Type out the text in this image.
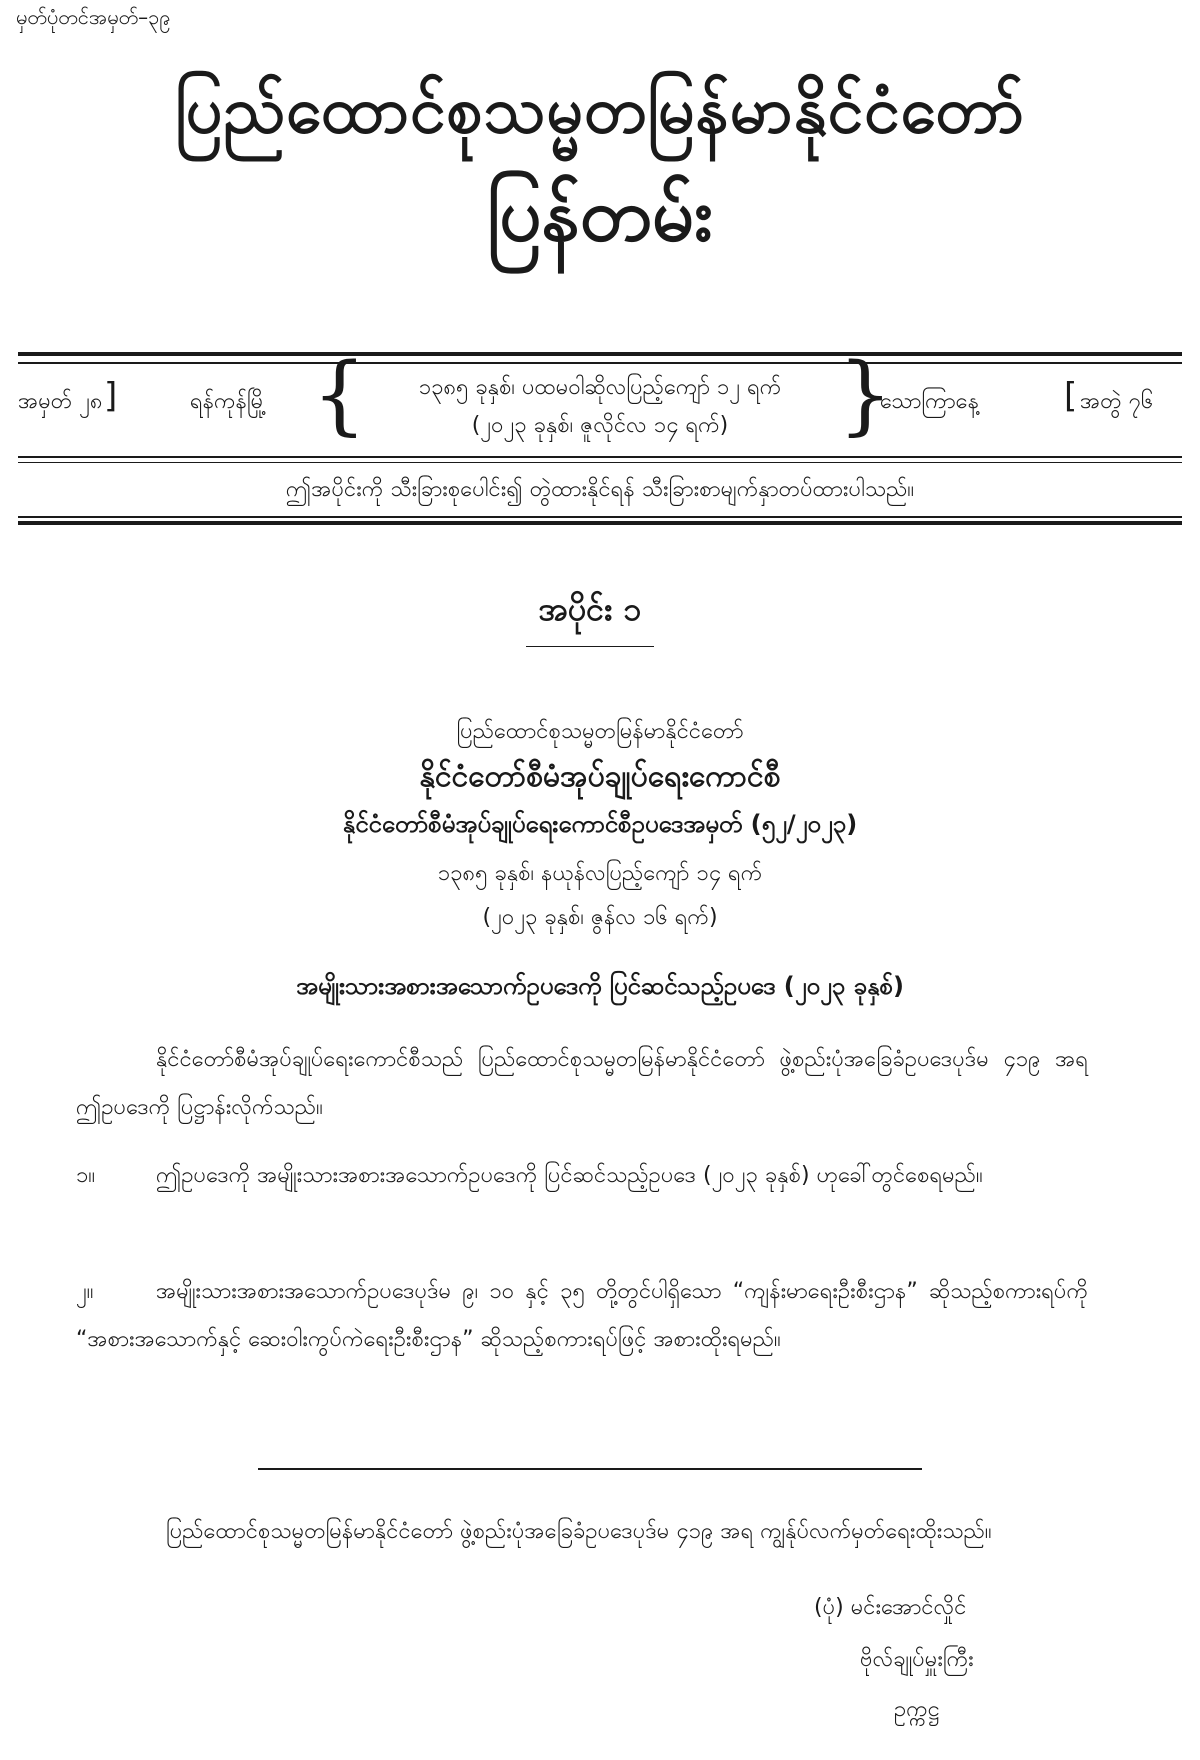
မှတ်ပုံတင်အမှတ်–၃၉
ပြည်ထောင်စုသမ္မတမြန်မာနိုင်ငံတော်
ပြန်တမ်း
အမှတ် ၂၈ ]	ရန်ကုန်မြို့ {	၁၃၈၅ ခုနှစ်၊ ပထမဝါဆိုလပြည့်ကျော် ၁၂ ရက်
(၂၀၂၃ ခုနှစ်၊ ဇူလိုင်လ ၁၄ ရက်)	}
သောကြာနေ့	[ အတွဲ ၇၆
ဤအပိုင်းကို သီးခြားစုပေါင်း၍ တွဲထားနိုင်ရန် သီးခြားစာမျက်နှာတပ်ထားပါသည်။
အပိုင်း ၁
ပြည်ထောင်စုသမ္မတမြန်မာနိုင်ငံတော်
နိုင်ငံတော်စီမံအုပ်ချုပ်ရေးကောင်စီ
နိုင်ငံတော်စီမံအုပ်ချုပ်ရေးကောင်စီဥပဒေအမှတ် (၅၂/၂၀၂၃)
၁၃၈၅ ခုနှစ်၊ နယုန်လပြည့်ကျော် ၁၄ ရက်
(၂၀၂၃ ခုနှစ်၊ ဇွန်လ ၁၆ ရက်)
အမျိုးသားအစားအသောက်ဥပဒေကို ပြင်ဆင်သည့်ဥပဒေ (၂၀၂၃ ခုနှစ်)
နိုင်ငံတော်စီမံအုပ်ချုပ်ရေးကောင်စီသည် ပြည်ထောင်စုသမ္မတမြန်မာနိုင်ငံတော် ဖွဲ့စည်းပုံအခြေခံဥပဒေပုဒ်မ ၄၁၉ အရ ဤဥပဒေကို ပြဋ္ဌာန်းလိုက်သည်။
၁။	ဤဥပဒေကို အမျိုးသားအစားအသောက်ဥပဒေကို ပြင်ဆင်သည့်ဥပဒေ (၂၀၂၃ ခုနှစ်) ဟုခေါ်တွင်စေရမည်။
၂။	အမျိုးသားအစားအသောက်ဥပဒေပုဒ်မ ၉၊ ၁၀ နှင့် ၃၅ တို့တွင်ပါရှိသော “ကျန်းမာရေးဦးစီးဌာန” ဆိုသည့်စကားရပ်ကို “အစားအသောက်နှင့် ဆေးဝါးကွပ်ကဲရေးဦးစီးဌာန” ဆိုသည့်စကားရပ်ဖြင့် အစားထိုးရမည်။
ပြည်ထောင်စုသမ္မတမြန်မာနိုင်ငံတော် ဖွဲ့စည်းပုံအခြေခံဥပဒေပုဒ်မ ၄၁၉ အရ ကျွန်ုပ်လက်မှတ်ရေးထိုးသည်။
(ပုံ) မင်းအောင်လှိုင်
ဗိုလ်ချုပ်မှူးကြီး
ဥက္ကဋ္ဌ
